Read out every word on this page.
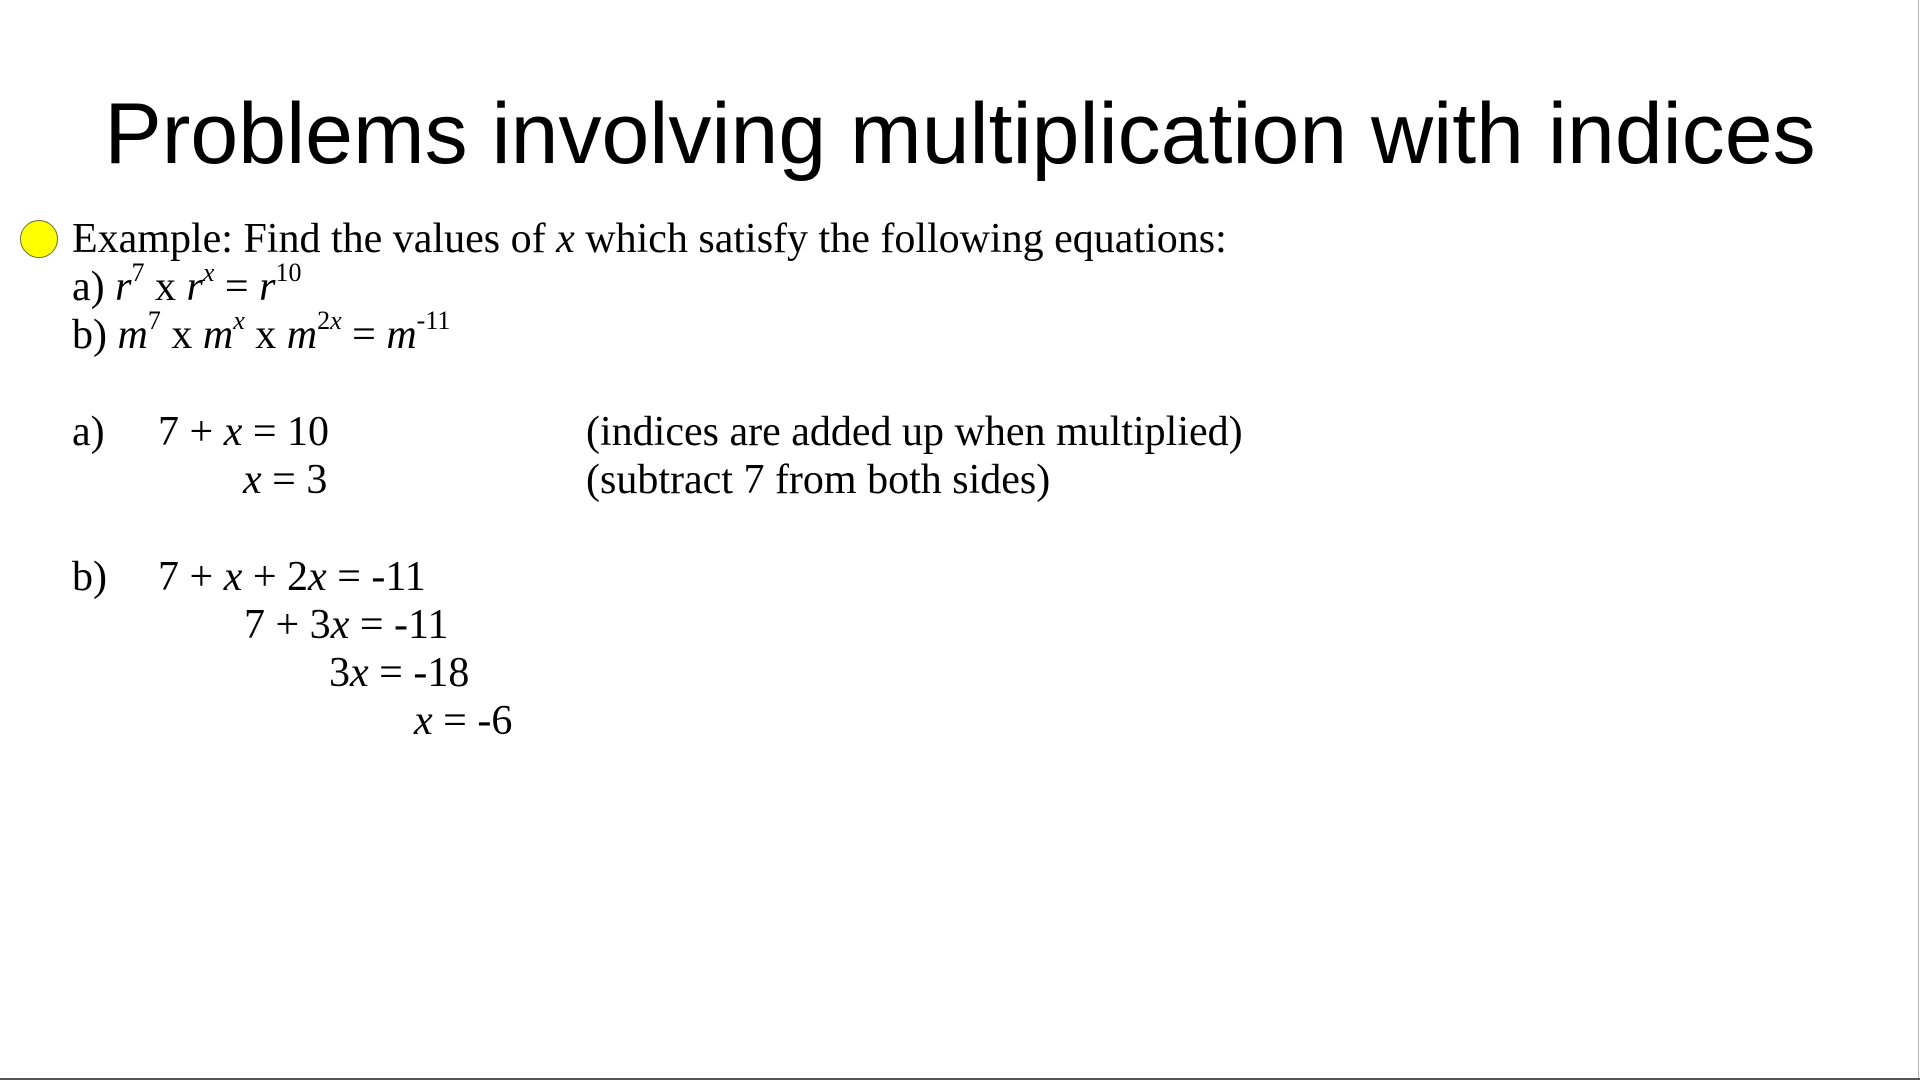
Problems involving multiplication with indices
Example: Find the values of x which satisfy the following equations:
a) $r^7$ x $r^x = r^{10}$
b) $m^7$ x $m^x$ x $m^{2x} = m^{-11}$
a) 7 + x = 10	(indices are added up when multiplied)
x = 3	(subtract 7 from both sides)
b) 7 + x + 2x = -11
7 + 3x = -11
3x = -18
x = -6
